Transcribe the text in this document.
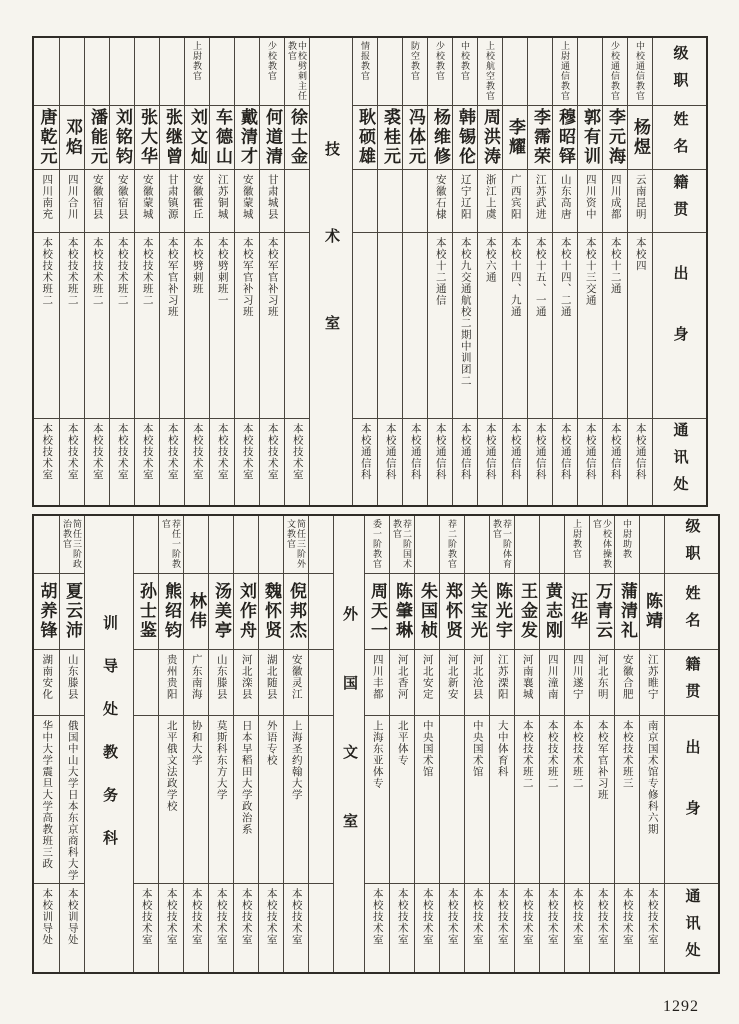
级职
姓名
籍贯
出身
通讯处
中校通信教官
杨煜
云南昆明
本校四
本校通信科
少校通信教官
李元海
四川成都
本校十二通
本校通信科
郭有训
四川资中
本校十三交通
本校通信科
上尉通信教官
穆昭铎
山东高唐
本校十四、二通
本校通信科
李霈荣
江苏武进
本校十五、一通
本校通信科
李耀
广西宾阳
本校十四、九通
本校通信科
上校航空教官
周洪涛
浙江上虞
本校六通
本校通信科
中校教官
韩锡伦
辽宁辽阳
本校九交通航校二期中训团二
本校通信科
少校教官
杨维修
安徽石棣
本校十二通信
本校通信科
防空教官
冯体元
本校通信科
裘桂元
本校通信科
情报教官
耿硕雄
本校通信科
技术室
中校劈刺主任教官
徐士金
本校技术室
少校教官
何道清
甘肃城县
本校军官补习班
本校技术室
戴清才
安徽蒙城
本校军官补习班
本校技术室
车德山
江苏铜城
本校劈刺班一
本校技术室
上尉教官
刘文灿
安徽霍丘
本校劈刺班
本校技术室
张继曾
甘肃镇源
本校军官补习班
本校技术室
张大华
安徽蒙城
本校技术班二
本校技术室
刘铭钧
安徽宿县
本校技术班二
本校技术室
潘能元
安徽宿县
本校技术班二
本校技术室
邓焰
四川合川
本校技术班二
本校技术室
唐乾元
四川南充
本校技术班二
本校技术室
级职
姓名
籍贯
出身
通讯处
陈靖
江苏睢宁
南京国术馆专修科六期
本校技术室
中尉助教
蒲清礼
安徽合肥
本校技术班三
本校技术室
少校体操教官
万青云
河北东明
本校军官补习班
本校技术室
上尉教官
汪华
四川遂宁
本校技术班二
本校技术室
黄志刚
四川潼南
本校技术班二
本校技术室
王金发
河南襄城
本校技术班二
本校技术室
荐一阶体育教官
陈光宇
江苏溧阳
大中体育科
本校技术室
关宝光
河北沧县
中央国术馆
本校技术室
荐二阶教官
郑怀贤
河北新安
本校技术室
朱国桢
河北安定
中央国术馆
本校技术室
荐二阶国术教官
陈肇琳
河北香河
北平体专
本校技术室
委一阶教官
周天一
四川丰都
上海东亚体专
本校技术室
外国文室
简任三阶外文教官
倪邦杰
安徽灵江
上海圣约翰大学
本校技术室
魏怀贤
湖北随县
外语专校
本校技术室
刘作舟
河北滦县
日本早稻田大学政治系
本校技术室
汤美亭
山东滕县
莫斯科东方大学
本校技术室
林伟
广东南海
协和大学
本校技术室
荐任一阶教官
熊绍钧
贵州贵阳
北平俄文法政学校
本校技术室
孙士鉴
本校技术室
训导处教务科
简任三阶政治教官
夏云沛
山东滕县
俄国中山大学日本东京商科大学
本校训导处
胡养锋
湖南安化
华中大学震旦大学高教班三政
本校训导处
1292
